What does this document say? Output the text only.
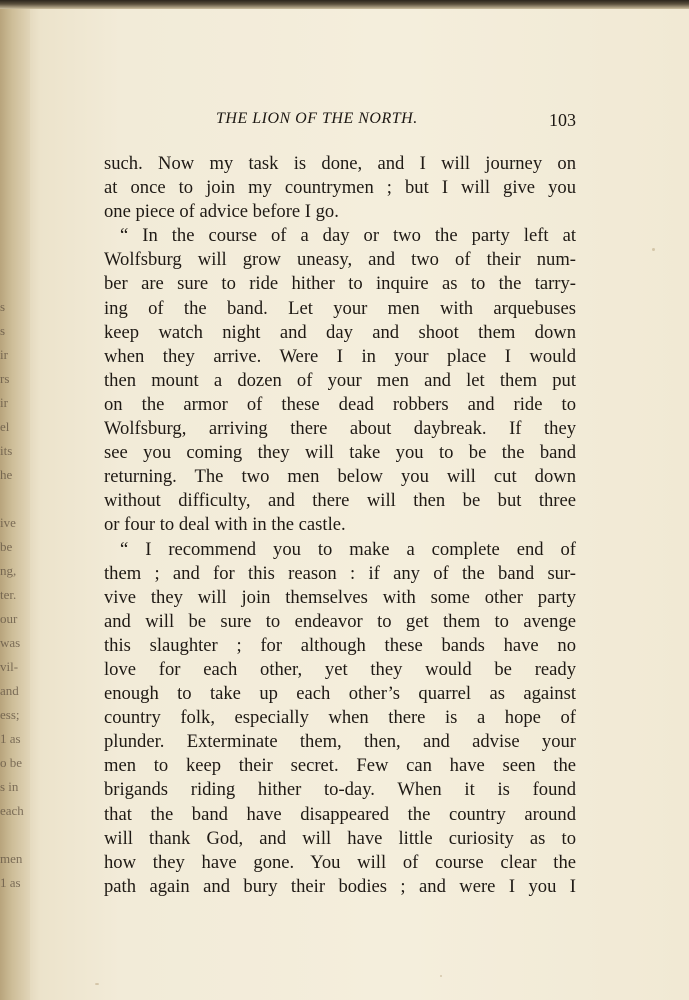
s
s
ir
rs
ir
el
its
he
ive
be
ng,
ter.
our
was
vil-
and
ess;
1 as
o be
s in
each
men
1 as
THE LION OF THE NORTH.	103
such. Now my task is done, and I will journey on
at once to join my countrymen ; but I will give you
one piece of advice before I go.
“ In the course of a day or two the party left at
Wolfsburg will grow uneasy, and two of their num-
ber are sure to ride hither to inquire as to the tarry-
ing of the band. Let your men with arquebuses
keep watch night and day and shoot them down
when they arrive. Were I in your place I would
then mount a dozen of your men and let them put
on the armor of these dead robbers and ride to
Wolfsburg, arriving there about daybreak. If they
see you coming they will take you to be the band
returning. The two men below you will cut down
without difficulty, and there will then be but three
or four to deal with in the castle.
“ I recommend you to make a complete end of
them ; and for this reason : if any of the band sur-
vive they will join themselves with some other party
and will be sure to endeavor to get them to avenge
this slaughter ; for although these bands have no
love for each other, yet they would be ready
enough to take up each other’s quarrel as against
country folk, especially when there is a hope of
plunder. Exterminate them, then, and advise your
men to keep their secret. Few can have seen the
brigands riding hither to-day. When it is found
that the band have disappeared the country around
will thank God, and will have little curiosity as to
how they have gone. You will of course clear the
path again and bury their bodies ; and were I you I
